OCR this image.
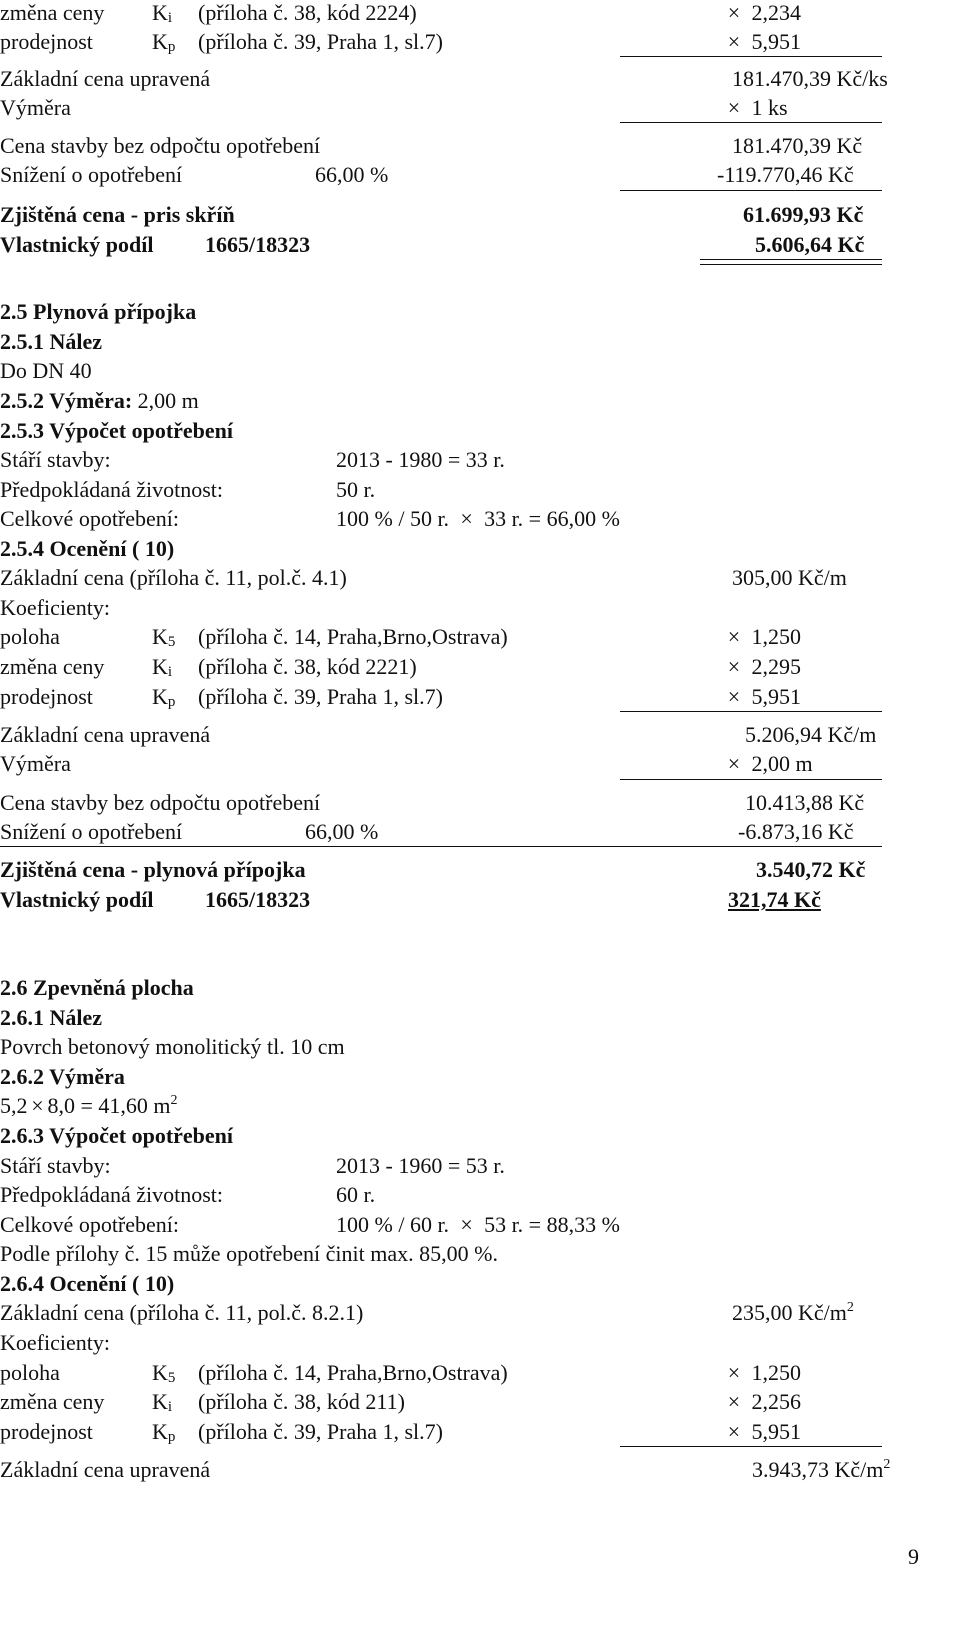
změna ceny $K_i$ (příloha č. 38, kód 2224)	× 2,234
prodejnost	$K_p$ (příloha č. 39, Praha 1, sl.7)	× 5,951
Základní cena upravená	181.470,39 Kč/ks
Výměra	× 1 ks
Cena stavby bez odpočtu opotřebení	181.470,39 Kč
Snížení o opotřebení	66,00 %	-119.770,46 Kč
Zjištěná cena - pris skříň	61.699,93 Kč
Vlastnický podíl 1665/18323	5.606,64 Kč
2.5 Plynová přípojka
2.5.1 Nález
Do DN 40
2.5.2 Výměra: 2,00 m
2.5.3 Výpočet opotřebení
Stáří stavby:	2013 - 1980 = 33 r.
Předpokládaná životnost:	50 r.
Celkové opotřebení:	100 % / 50 r. × 33 r. = 66,00 %
2.5.4 Ocenění ( 10)
Základní cena (příloha č. 11, pol.č. 4.1)	305,00 Kč/m
Koeficienty:
poloha	$K_5$ (příloha č. 14, Praha,Brno,Ostrava)	× 1,250
změna ceny $K_i$ (příloha č. 38, kód 2221)	× 2,295
prodejnost	$K_p$ (příloha č. 39, Praha 1, sl.7)	× 5,951
Základní cena upravená	5.206,94 Kč/m
Výměra	× 2,00 m
Cena stavby bez odpočtu opotřebení	10.413,88 Kč
Snížení o opotřebení	66,00 %	-6.873,16 Kč
Zjištěná cena - plynová přípojka	3.540,72 Kč
Vlastnický podíl 1665/18323	321,74 Kč
2.6 Zpevněná plocha
2.6.1 Nález
Povrch betonový monolitický tl. 10 cm
2.6.2 Výměra
5,2 × 8,0 = 41,60 $m^2$
2.6.3 Výpočet opotřebení
Stáří stavby:	2013 - 1960 = 53 r.
Předpokládaná životnost:	60 r.
Celkové opotřebení:	100 % / 60 r. × 53 r. = 88,33 %
Podle přílohy č. 15 může opotřebení činit max. 85,00 %.
2.6.4 Ocenění ( 10)
Základní cena (příloha č. 11, pol.č. 8.2.1)	235,00 $Kč/m^2$
Koeficienty:
poloha	$K_5$ (příloha č. 14, Praha,Brno,Ostrava)	× 1,250
změna ceny $K_i$ (příloha č. 38, kód 211)	× 2,256
prodejnost	$K_p$ (příloha č. 39, Praha 1, sl.7)	× 5,951
Základní cena upravená	3.943,73 $Kč/m^2$
9
